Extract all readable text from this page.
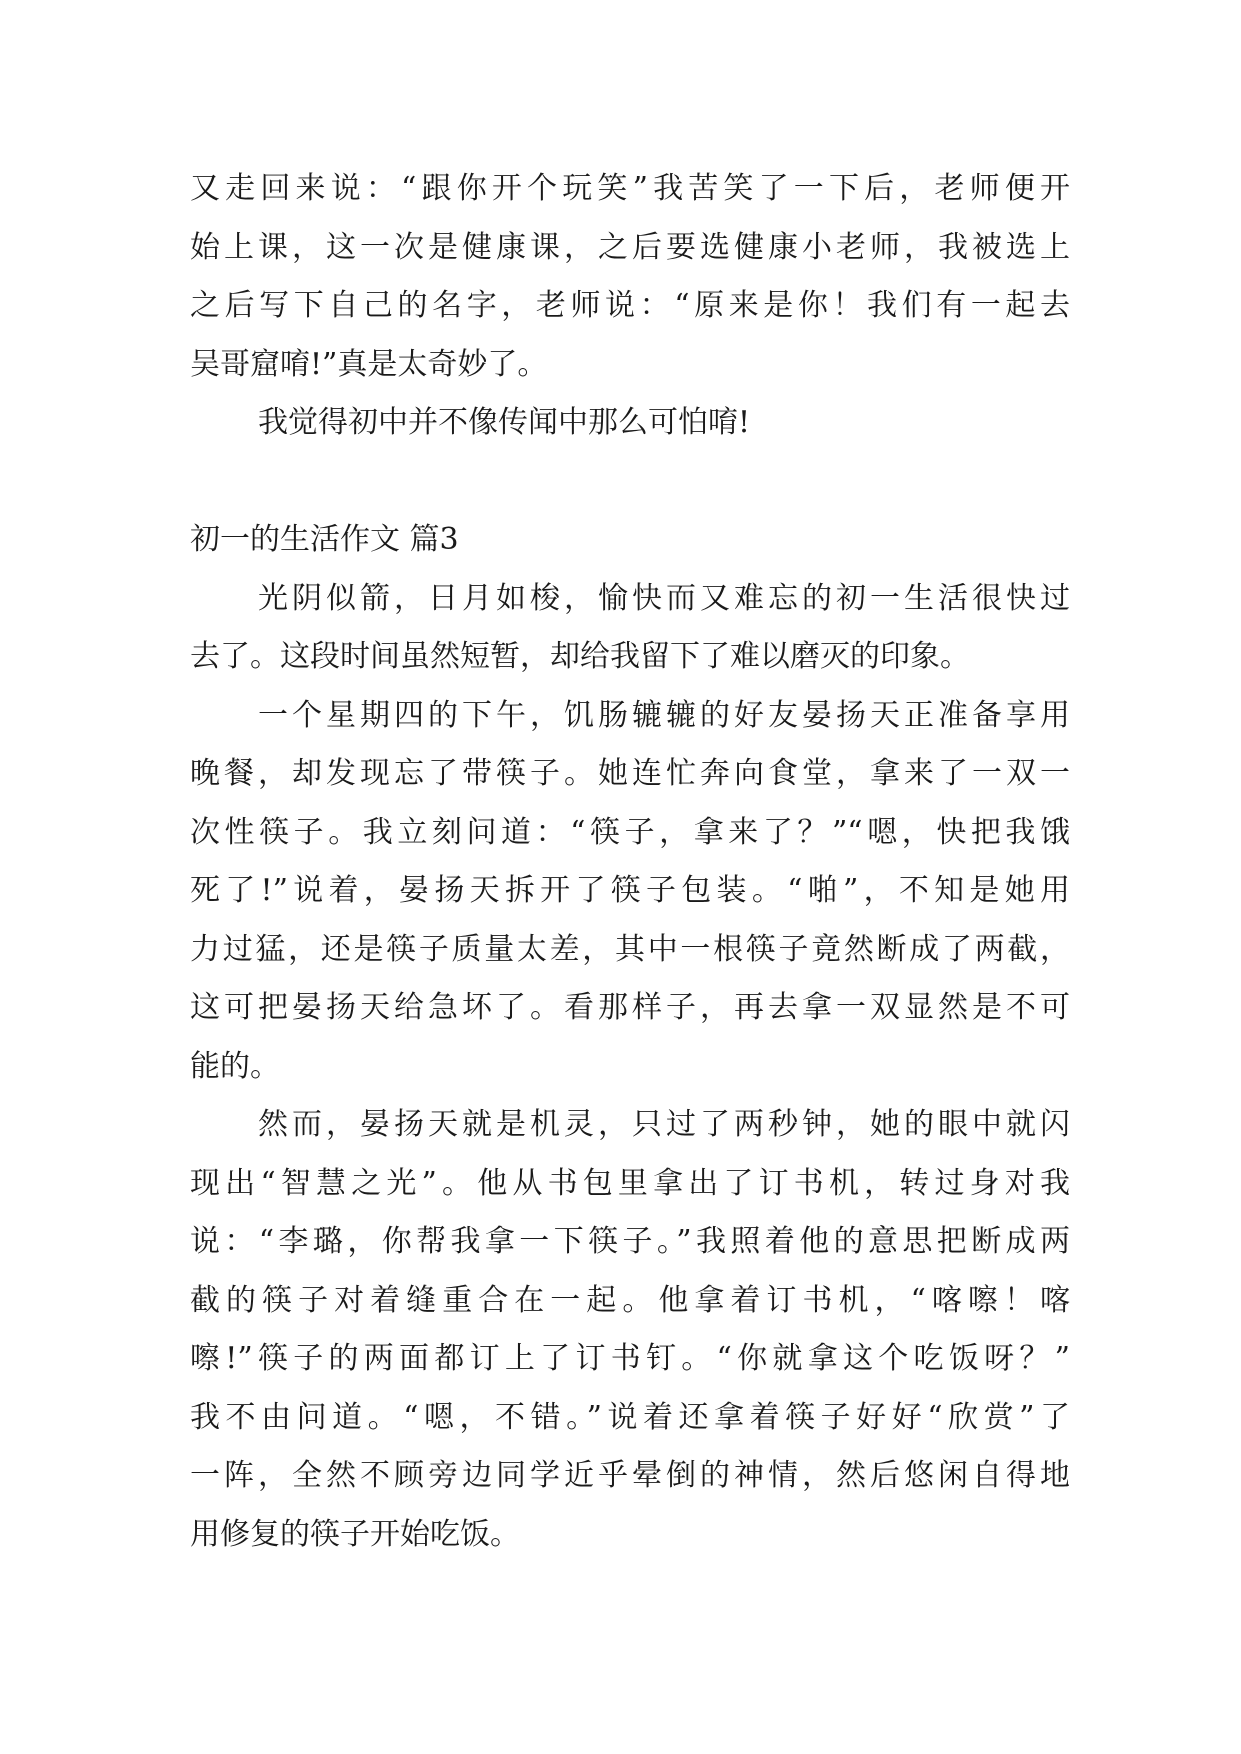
又走回来说：“跟你开个玩笑”我苦笑了一下后，老师便开
始上课，这一次是健康课，之后要选健康小老师，我被选上
之后写下自己的名字，老师说：“原来是你！我们有一起去
吴哥窟唷!”真是太奇妙了。
我觉得初中并不像传闻中那么可怕唷!
初一的生活作文 篇3
光阴似箭，日月如梭，愉快而又难忘的初一生活很快过
去了。这段时间虽然短暂，却给我留下了难以磨灭的印象。
一个星期四的下午，饥肠辘辘的好友晏扬天正准备享用
晚餐，却发现忘了带筷子。她连忙奔向食堂，拿来了一双一
次性筷子。我立刻问道：“筷子，拿来了？”“嗯，快把我饿
死了!”说着，晏扬天拆开了筷子包装。“啪”，不知是她用
力过猛，还是筷子质量太差，其中一根筷子竟然断成了两截，
这可把晏扬天给急坏了。看那样子，再去拿一双显然是不可
能的。
然而，晏扬天就是机灵，只过了两秒钟，她的眼中就闪
现出“智慧之光”。他从书包里拿出了订书机，转过身对我
说：“李璐，你帮我拿一下筷子。”我照着他的意思把断成两
截的筷子对着缝重合在一起。他拿着订书机，“喀嚓！喀
嚓!”筷子的两面都订上了订书钉。“你就拿这个吃饭呀？”
我不由问道。“嗯，不错。”说着还拿着筷子好好“欣赏”了
一阵，全然不顾旁边同学近乎晕倒的神情，然后悠闲自得地
用修复的筷子开始吃饭。
